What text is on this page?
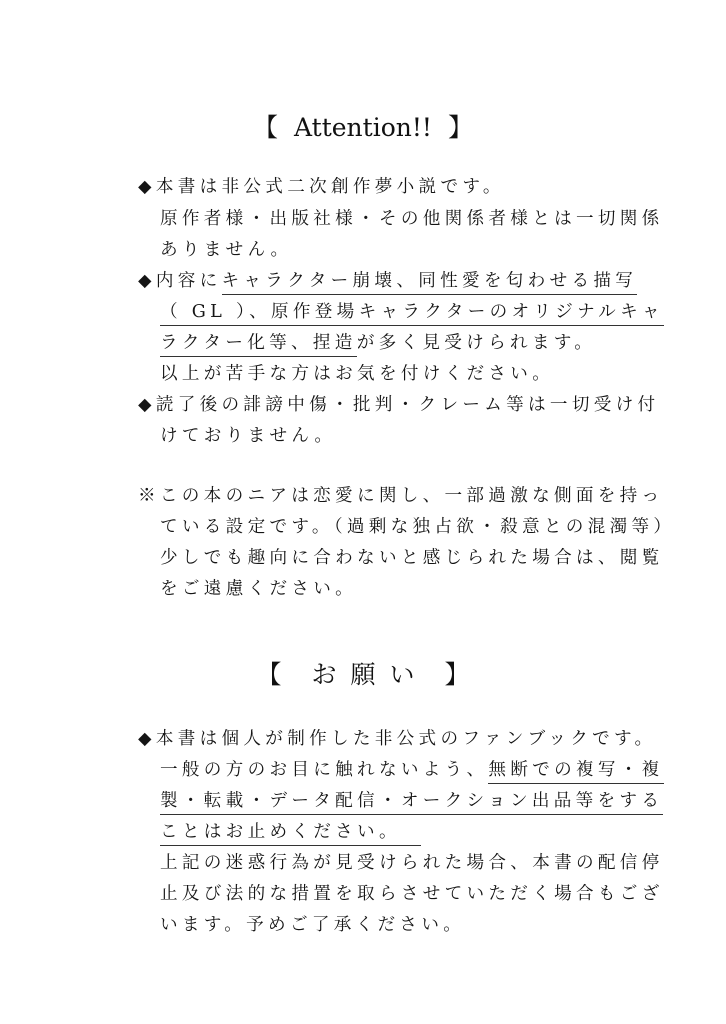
【 Attention!! 】
◆本書は非公式二次創作夢小説です。
原作者様・出版社様・その他関係者様とは一切関係
ありません。
◆内容にキャラクター崩壊、同性愛を匂わせる描写
（ GL ）、原作登場キャラクターのオリジナルキャ
ラクター化等、捏造が多く見受けられます。
以上が苦手な方はお気を付けください。
◆読了後の誹謗中傷・批判・クレーム等は一切受け付
けておりません。
※この本のニアは恋愛に関し、一部過激な側面を持っ
ている設定です。（過剰な独占欲・殺意との混濁等）
少しでも趣向に合わないと感じられた場合は、閲覧
をご遠慮ください。
【 お願い 】
◆本書は個人が制作した非公式のファンブックです。
一般の方のお目に触れないよう、無断での複写・複
製・転載・データ配信・オークション出品等をする
ことはお止めください。
上記の迷惑行為が見受けられた場合、本書の配信停
止及び法的な措置を取らさせていただく場合もござ
います。予めご了承ください。
